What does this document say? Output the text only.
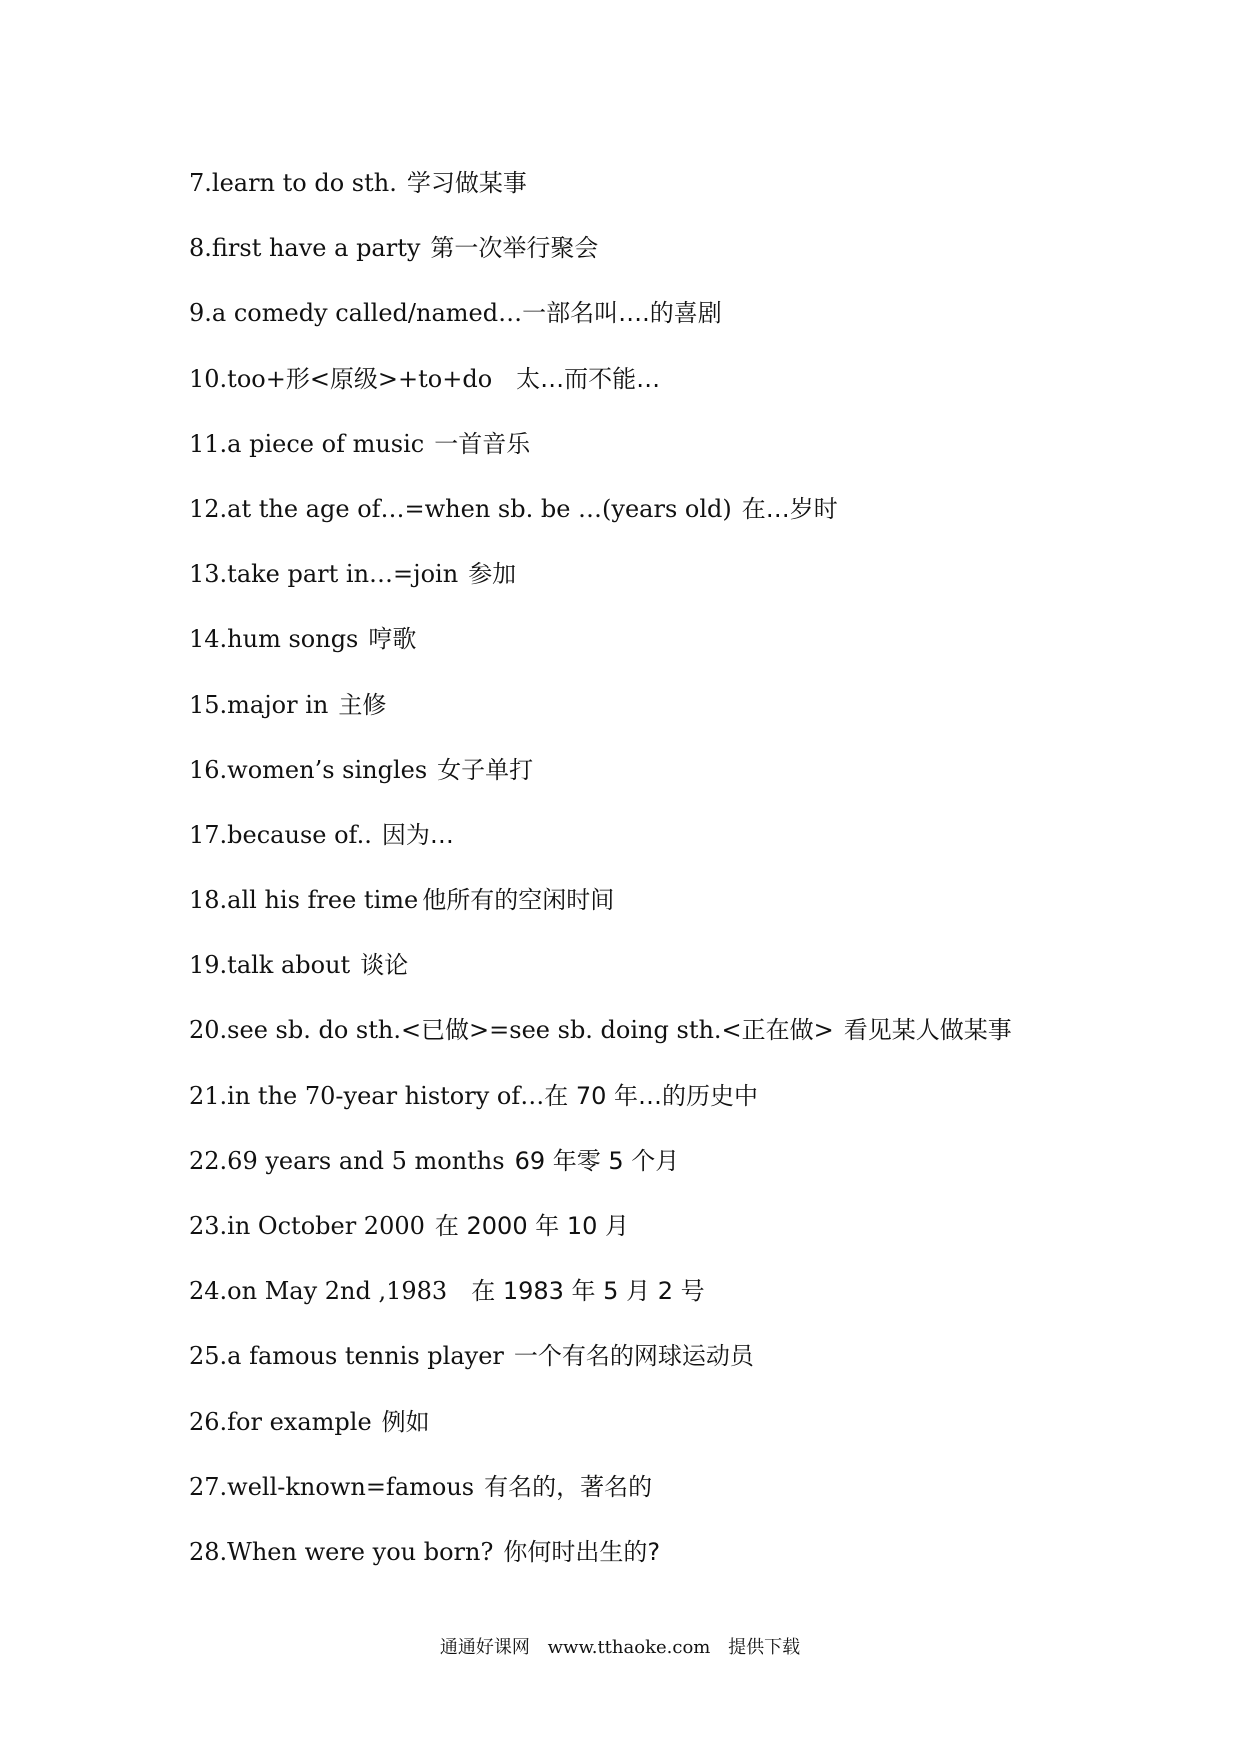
7.learn to do sth. 学习做某事
8.first have a party 第一次举行聚会
9.a comedy called/named…一部名叫….的喜剧
10.too+形<原级>+to+do 太…而不能…
11.a piece of music 一首音乐
12.at the age of…=when sb. be …(years old) 在…岁时
13.take part in…=join 参加
14.hum songs 哼歌
15.major in 主修
16.women’s singles 女子单打
17.because of.. 因为…
18.all his free time 他所有的空闲时间
19.talk about 谈论
20.see sb. do sth.<已做>=see sb. doing sth.<正在做> 看见某人做某事
21.in the 70-year history of…在 70 年…的历史中
22.69 years and 5 months 69 年零 5 个月
23.in October 2000 在 2000 年 10 月
24.on May 2nd ,1983 在 1983 年 5 月 2 号
25.a famous tennis player 一个有名的网球运动员
26.for example 例如
27.well-known=famous 有名的，著名的
28.When were you born? 你何时出生的?
通通好课网 www.tthaoke.com 提供下载
